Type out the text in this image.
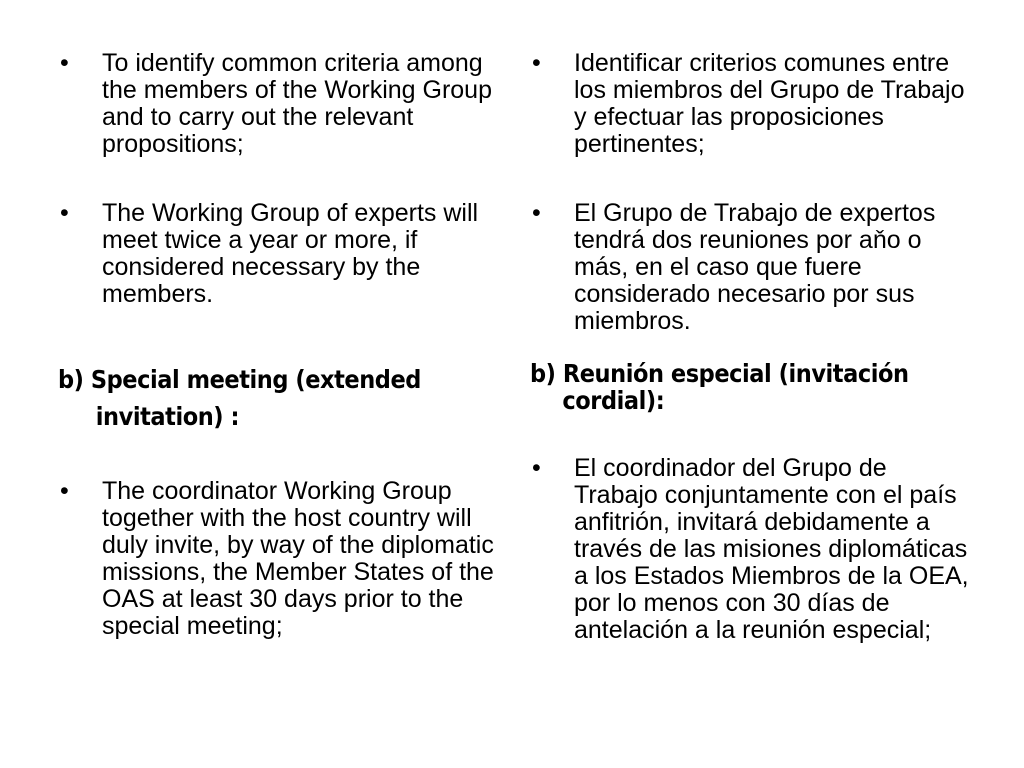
•	To identify common criteria among the members of the Working Group and to carry out the relevant propositions;
•	The Working Group of experts will meet twice a year or more, if considered necessary by the members.
b) Special meeting (extended
invitation) :
•	The coordinator Working Group together with the host country will duly invite, by way of the diplomatic missions, the Member States of the OAS at least 30 days prior to the special meeting;
•	Identificar criterios comunes entre los miembros del Grupo de Trabajo y efectuar las proposiciones pertinentes;
•	El Grupo de Trabajo de expertos tendrá dos reuniones por aňo o más, en el caso que fuere considerado necesario por sus miembros.
b) Reunión especial (invitación
cordial):
•	El coordinador del Grupo de Trabajo conjuntamente con el país anfitrión, invitará debidamente a través de las misiones diplomáticas a los Estados Miembros de la OEA, por lo menos con 30 días de antelación a la reunión especial;
